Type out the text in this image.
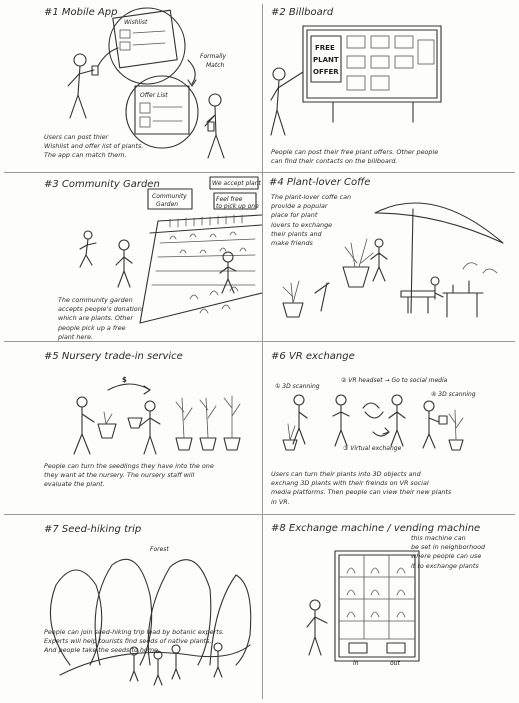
#1 Mobile App
Wishlist
Offer List
Formally
Match
Users can post thier
Wishlist and offer list of plants.
The app can match them.
#2 Billboard
FREE
PLANT
OFFER
People can post their free plant offers. Other people
can find their contacts on the billboard.
#3 Community Garden
Community
Garden
We accept plant
Feel free
to pick up one
The community garden
accepts people's donation,
which are plants. Other
people pick up a free
plant here.
#4 Plant-lover Coffe
The plant-lover coffe can
provide a popular
place for plant
lovers to exchange
their plants and
make friends
#5 Nursery trade-in service
$
People can turn the seedlings they have into the one
they want at the nursery. The nursery staff will
evaluate the plant.
#6 VR exchange
① 3D scanning
② VR headset → Go to social media
③ Virtual exchange
④ 3D scanning
Users can turn their plants into 3D objects and
exchang 3D plants with their freinds on VR social
media platforms. Then people can view their new plants
in VR.
#7 Seed-hiking trip
Forest
People can join seed-hiking trip lead by botanic experts.
Experts will help tourists find seeds of native plants.
And people take the seeds to home.
#8 Exchange machine / vending machine
this machine can
be set in neighborhood
where people can use
it to exchange plants
in	out
